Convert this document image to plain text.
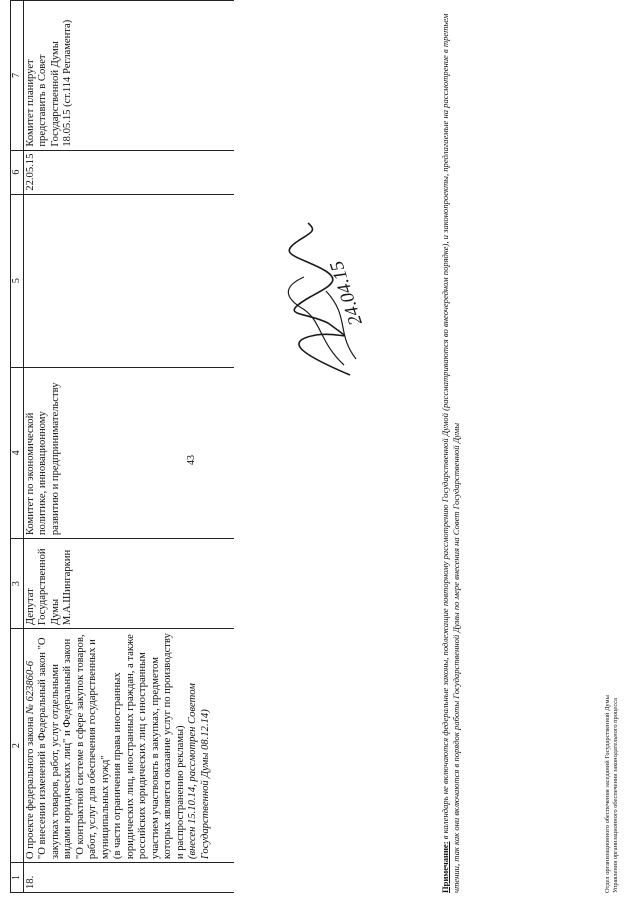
43
1	2	3	4	5	6	7
18.	О проекте федерального закона № 623860-6 "О внесении изменений в Федеральный закон "О закупках товаров, работ, услуг отдельными видами юридических лиц" и Федеральный закон "О контрактной системе в сфере закупок товаров, работ, услуг для обеспечения государственных и муниципальных нужд" (в части ограничения права иностранных юридических лиц, иностранных граждан, а также российских юридических лиц с иностранным участием участвовать в закупках, предметом которых является оказание услуг по производству и распространению рекламы) (внесен 15.10.14, рассмотрен Советом Государственной Думы 08.12.14)	Депутат Государственной Думы М.А.Шингаркин	Комитет по экономической политике, инновационному развитию и предпринимательству		22.05.15	Комитет планирует представить в Совет Государственной Думы 18.05.15 (ст.114 Регламента)
24.04.15
Примечание: в календарь не включаются федеральные законы, подлежащие повторному рассмотрению Государственной Думой (рассматриваются во внеочередном порядке), и законопроекты, предлагаемые на рассмотрение в третьем чтении, так как они включаются в порядок работы Государственной Думы по мере внесения на Совет Государственной Думы	Отдел организационного обеспечения заседаний Государственной Думы Управления организационного обеспечения законодательного процесса
